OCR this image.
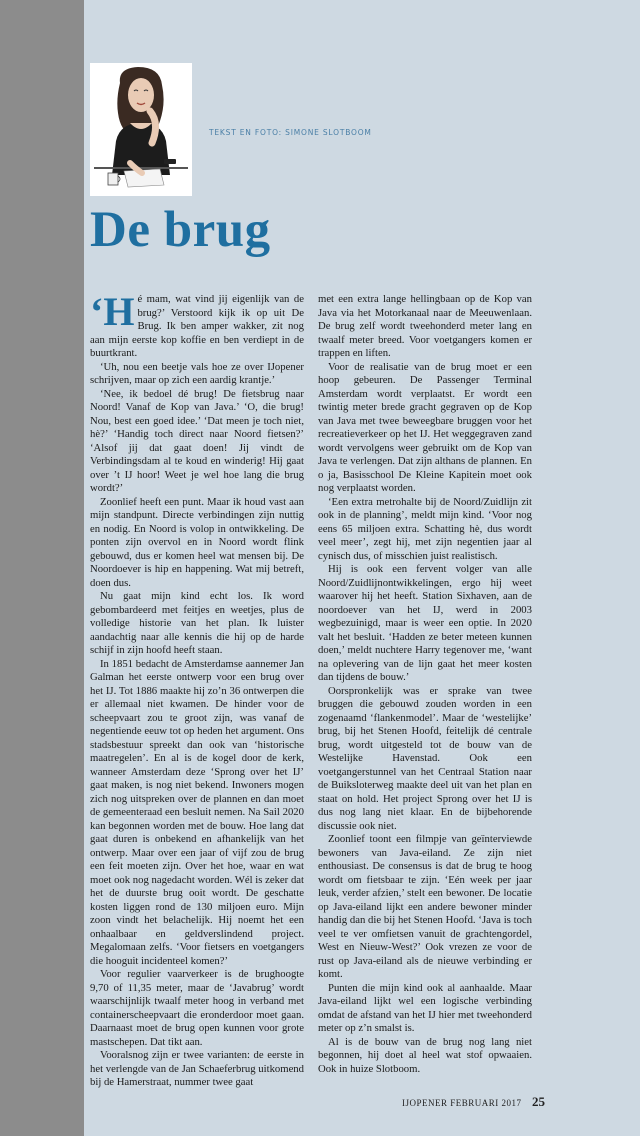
TEKST EN FOTO: SIMONE SLOTBOOM
De brug

‘Hé mam, wat vind jij eigenlijk van de brug?’ Verstoord kijk ik op uit De Brug. Ik ben amper wakker, zit nog aan mijn eerste kop koffie en ben verdiept in de buurtkrant.

‘Uh, nou een beetje vals hoe ze over IJopener schrijven, maar op zich een aardig krantje.’

‘Nee, ik bedoel dé brug! De fietsbrug naar Noord! Vanaf de Kop van Java.’ ‘O, die brug! Nou, best een goed idee.’ ‘Dat meen je toch niet, hè?’ ‘Handig toch direct naar Noord fietsen?’ ‘Alsof jij dat gaat doen! Jij vindt de Verbindingsdam al te koud en winderig! Hij gaat over ’t IJ hoor! Weet je wel hoe lang die brug wordt?’

Zoonlief heeft een punt. Maar ik houd vast aan mijn standpunt. Directe verbindingen zijn nuttig en nodig. En Noord is volop in ontwikkeling. De ponten zijn overvol en in Noord wordt flink gebouwd, dus er komen heel wat mensen bij. De Noordoever is hip en happening. Wat mij betreft, doen dus.

Nu gaat mijn kind echt los. Ik word gebombardeerd met feitjes en weetjes, plus de volledige historie van het plan. Ik luister aandachtig naar alle kennis die hij op de harde schijf in zijn hoofd heeft staan.

In 1851 bedacht de Amsterdamse aannemer Jan Galman het eerste ontwerp voor een brug over het IJ. Tot 1886 maakte hij zo’n 36 ontwerpen die er allemaal niet kwamen. De hinder voor de scheepvaart zou te groot zijn, was vanaf de negentiende eeuw tot op heden het argument. Ons stadsbestuur spreekt dan ook van ‘historische maatregelen’. En al is de kogel door de kerk, wanneer Amsterdam deze ‘Sprong over het IJ’ gaat maken, is nog niet bekend. Inwoners mogen zich nog uitspreken over de plannen en dan moet de gemeenteraad een besluit nemen. Na Sail 2020 kan begonnen worden met de bouw. Hoe lang dat gaat duren is onbekend en afhankelijk van het ontwerp. Maar over een jaar of vijf zou de brug een feit moeten zijn. Over het hoe, waar en wat moet ook nog nagedacht worden. Wél is zeker dat het de duurste brug ooit wordt. De geschatte kosten liggen rond de 130 miljoen euro. Mijn zoon vindt het belachelijk. Hij noemt het een onhaalbaar en geldverslindend project. Megalomaan zelfs. ‘Voor fietsers en voetgangers die hooguit incidenteel komen?’

Voor regulier vaarverkeer is de brughoogte 9,70 of 11,35 meter, maar de ‘Javabrug’ wordt waarschijnlijk twaalf meter hoog in verband met containerscheepvaart die eronderdoor moet gaan. Daarnaast moet de brug open kunnen voor grote mastschepen. Dat tikt aan.

Vooralsnog zijn er twee varianten: de eerste in het verlengde van de Jan Schaeferbrug uitkomend bij de Hamerstraat, nummer twee gaat

met een extra lange hellingbaan op de Kop van Java via het Motorkanaal naar de Meeuwenlaan. De brug zelf wordt tweehonderd meter lang en twaalf meter breed. Voor voetgangers komen er trappen en liften.

Voor de realisatie van de brug moet er een hoop gebeuren. De Passenger Terminal Amsterdam wordt verplaatst. Er wordt een twintig meter brede gracht gegraven op de Kop van Java met twee beweegbare bruggen voor het recreatieverkeer op het IJ. Het weggegraven zand wordt vervolgens weer gebruikt om de Kop van Java te verlengen. Dat zijn althans de plannen. En o ja, Basisschool De Kleine Kapitein moet ook nog verplaatst worden.

‘Een extra metrohalte bij de Noord/Zuidlijn zit ook in de planning’, meldt mijn kind. ‘Voor nog eens 65 miljoen extra. Schatting hè, dus wordt veel meer’, zegt hij, met zijn negentien jaar al cynisch dus, of misschien juist realistisch.

Hij is ook een fervent volger van alle Noord/Zuidlijnontwikkelingen, ergo hij weet waarover hij het heeft. Station Sixhaven, aan de noordoever van het IJ, werd in 2003 wegbezuinigd, maar is weer een optie. In 2020 valt het besluit. ‘Hadden ze beter meteen kunnen doen,’ meldt nuchtere Harry tegenover me, ‘want na oplevering van de lijn gaat het meer kosten dan tijdens de bouw.’

Oorspronkelijk was er sprake van twee bruggen die gebouwd zouden worden in een zogenaamd ‘flankenmodel’. Maar de ‘westelijke’ brug, bij het Stenen Hoofd, feitelijk dé centrale brug, wordt uitgesteld tot de bouw van de Westelijke Havenstad. Ook een voetgangerstunnel van het Centraal Station naar de Buiksloterweg maakte deel uit van het plan en staat on hold. Het project Sprong over het IJ is dus nog lang niet klaar. En de bijbehorende discussie ook niet.

Zoonlief toont een filmpje van geïnterviewde bewoners van Java-eiland. Ze zijn niet enthousiast. De consensus is dat de brug te hoog wordt om fietsbaar te zijn. ‘Eén week per jaar leuk, verder afzien,’ stelt een bewoner. De locatie op Java-eiland lijkt een andere bewoner minder handig dan die bij het Stenen Hoofd. ‘Java is toch veel te ver omfietsen vanuit de grachtengordel, West en Nieuw-West?’ Ook vrezen ze voor de rust op Java-eiland als de nieuwe verbinding er komt.

Punten die mijn kind ook al aanhaalde. Maar Java-eiland lijkt wel een logische verbinding omdat de afstand van het IJ hier met tweehonderd meter op z’n smalst is.

Al is de bouw van de brug nog lang niet begonnen, hij doet al heel wat stof opwaaien. Ook in huize Slotboom.

IJOPENER FEBRUARI 2017 25
